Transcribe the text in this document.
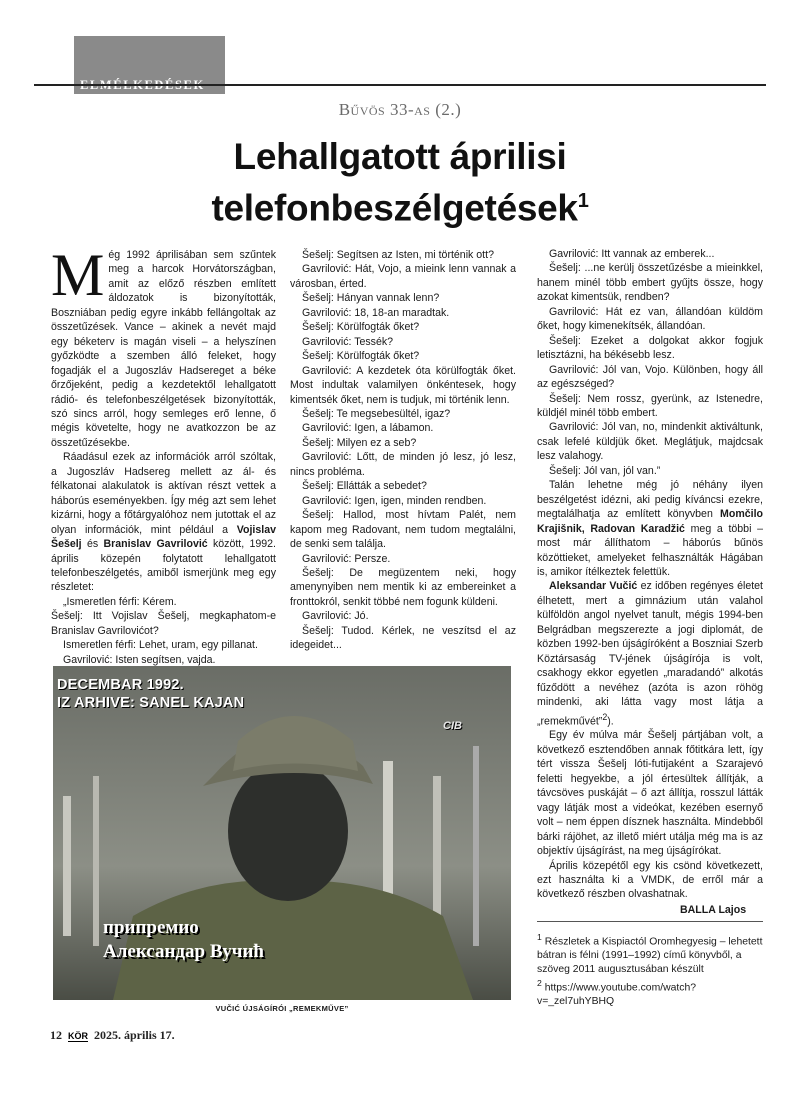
ELMÉLKEDÉSEK
Bűvös 33-as (2.)
Lehallgatott áprilisi
telefonbeszélgetések$^1$

Még 1992 áprilisában sem szűntek meg a harcok Horvátországban, amit az előző részben említett áldozatok is bizonyították, Boszniában pedig egyre inkább fellángoltak az összetűzések. Vance – akinek a nevét majd egy béketerv is magán viseli – a helyszínen győzködte a szemben álló feleket, hogy fogadják el a Jugoszláv Hadsereget a béke őrzőjeként, pedig a kezdetektől lehallgatott rádió- és telefonbeszélgetések bizonyították, szó sincs arról, hogy semleges erő lenne, ő mégis követelte, hogy ne avatkozzon be az összetűzésekbe.

Ráadásul ezek az információk arról szóltak, a Jugoszláv Hadsereg mellett az ál- és félkatonai alakulatok is aktívan részt vettek a háborús eseményekben. Így még azt sem lehet kizárni, hogy a főtárgyalóhoz nem jutottak el az olyan információk, mint például a Vojislav Šešelj és Branislav Gavrilović között, 1992. április közepén folytatott lehallgatott telefonbeszélgetés, amiből ismerjünk meg egy részletet:

„Ismeretlen férfi: Kérem.

Šešelj: Itt Vojislav Šešelj, megkaphatom-e Branislav Gavrilovićot?

Ismeretlen férfi: Lehet, uram, egy pillanat.

Gavrilović: Isten segítsen, vajda.

Šešelj: Segítsen az Isten, mi történik ott?

Gavrilović: Hát, Vojo, a mieink lenn vannak a városban, érted.

Šešelj: Hányan vannak lenn?

Gavrilović: 18, 18-an maradtak.

Šešelj: Körülfogták őket?

Gavrilović: Tessék?

Šešelj: Körülfogták őket?

Gavrilović: A kezdetek óta körülfogták őket. Most indultak valamilyen önkéntesek, hogy kimentsék őket, nem is tudjuk, mi történik lenn.

Šešelj: Te megsebesültél, igaz?

Gavrilović: Igen, a lábamon.

Šešelj: Milyen ez a seb?

Gavrilović: Lőtt, de minden jó lesz, jó lesz, nincs probléma.

Šešelj: Ellátták a sebedet?

Gavrilović: Igen, igen, minden rendben.

Šešelj: Hallod, most hívtam Palét, nem kapom meg Radovant, nem tudom megtalálni, de senki sem találja.

Gavrilović: Persze.

Šešelj: De megüzentem neki, hogy amenynyiben nem mentik ki az embereinket a fronttokról, senkit többé nem fogunk küldeni.

Gavrilović: Jó.

Šešelj: Tudod. Kérlek, ne veszítsd el az idegeidet...

Gavrilović: Itt vannak az emberek...

Šešelj: ...ne kerülj összetűzésbe a mieinkkel, hanem minél több embert gyűjts össze, hogy azokat kimentsük, rendben?

Gavrilović: Hát ez van, állandóan küldöm őket, hogy kimenekítsék, állandóan.

Šešelj: Ezeket a dolgokat akkor fogjuk letisztázni, ha békésebb lesz.

Gavrilović: Jól van, Vojo. Különben, hogy áll az egészséged?

Šešelj: Nem rossz, gyerünk, az Istenedre, küldjél minél több embert.

Gavrilović: Jól van, no, mindenkit aktiváltunk, csak lefelé küldjük őket. Meglátjuk, majdcsak lesz valahogy.

Šešelj: Jól van, jól van.”

Talán lehetne még jó néhány ilyen beszélgetést idézni, aki pedig kíváncsi ezekre, megtalálhatja az említett könyvben Momčilo Krajišnik, Radovan Karadžić meg a többi – most már állíthatom – háborús bűnös közöttieket, amelyeket felhasználták Hágában is, amikor ítélkeztek felettük.

Aleksandar Vučić ez időben regényes életet élhetett, mert a gimnázium után valahol külföldön angol nyelvet tanult, mégis 1994-ben Belgrádban megszerezte a jogi diplomát, de közben 1992-ben újságíróként a Boszniai Szerb Köztársaság TV-jének újságírója is volt, csakhogy ekkor egyetlen „maradandó” alkotás fűződött a nevéhez (azóta is azon röhög mindenki, aki látta vagy most látja a „remekművét”$^2$).

Egy év múlva már Šešelj pártjában volt, a következő esztendőben annak főtitkára lett, így tért vissza Šešelj lóti-futijaként a Szarajevó feletti hegyekbe, a jól értesültek állítják, a távcsöves puskáját – ő azt állítja, rosszul látták vagy látják most a videókat, kezében esernyő volt – nem éppen dísznek használta. Mindebből bárki rájöhet, az illető miért utálja még ma is az objektív újságírást, na meg újságírókat.

Április közepétől egy kis csönd következett, ezt használta ki a VMDK, de erről már a következő részben olvashatnak.

BALLA Lajos

$^1$ Részletek a Kispiactól Oromhegyesig – lehetett bátran is félni (1991–1992) című könyvből, a szöveg 2011 augusztusában készült

$^2$ https://www.youtube.com/watch?v=_zel7uhYBHQ

DECEMBAR 1992.
IZ ARHIVE: SANEL KAJAN
CIB
припремио
Александар Вучић
VUČIĆ ÚJSÁGÍRÓI „REMEKMŰVE”
12 KÖR 2025. április 17.
